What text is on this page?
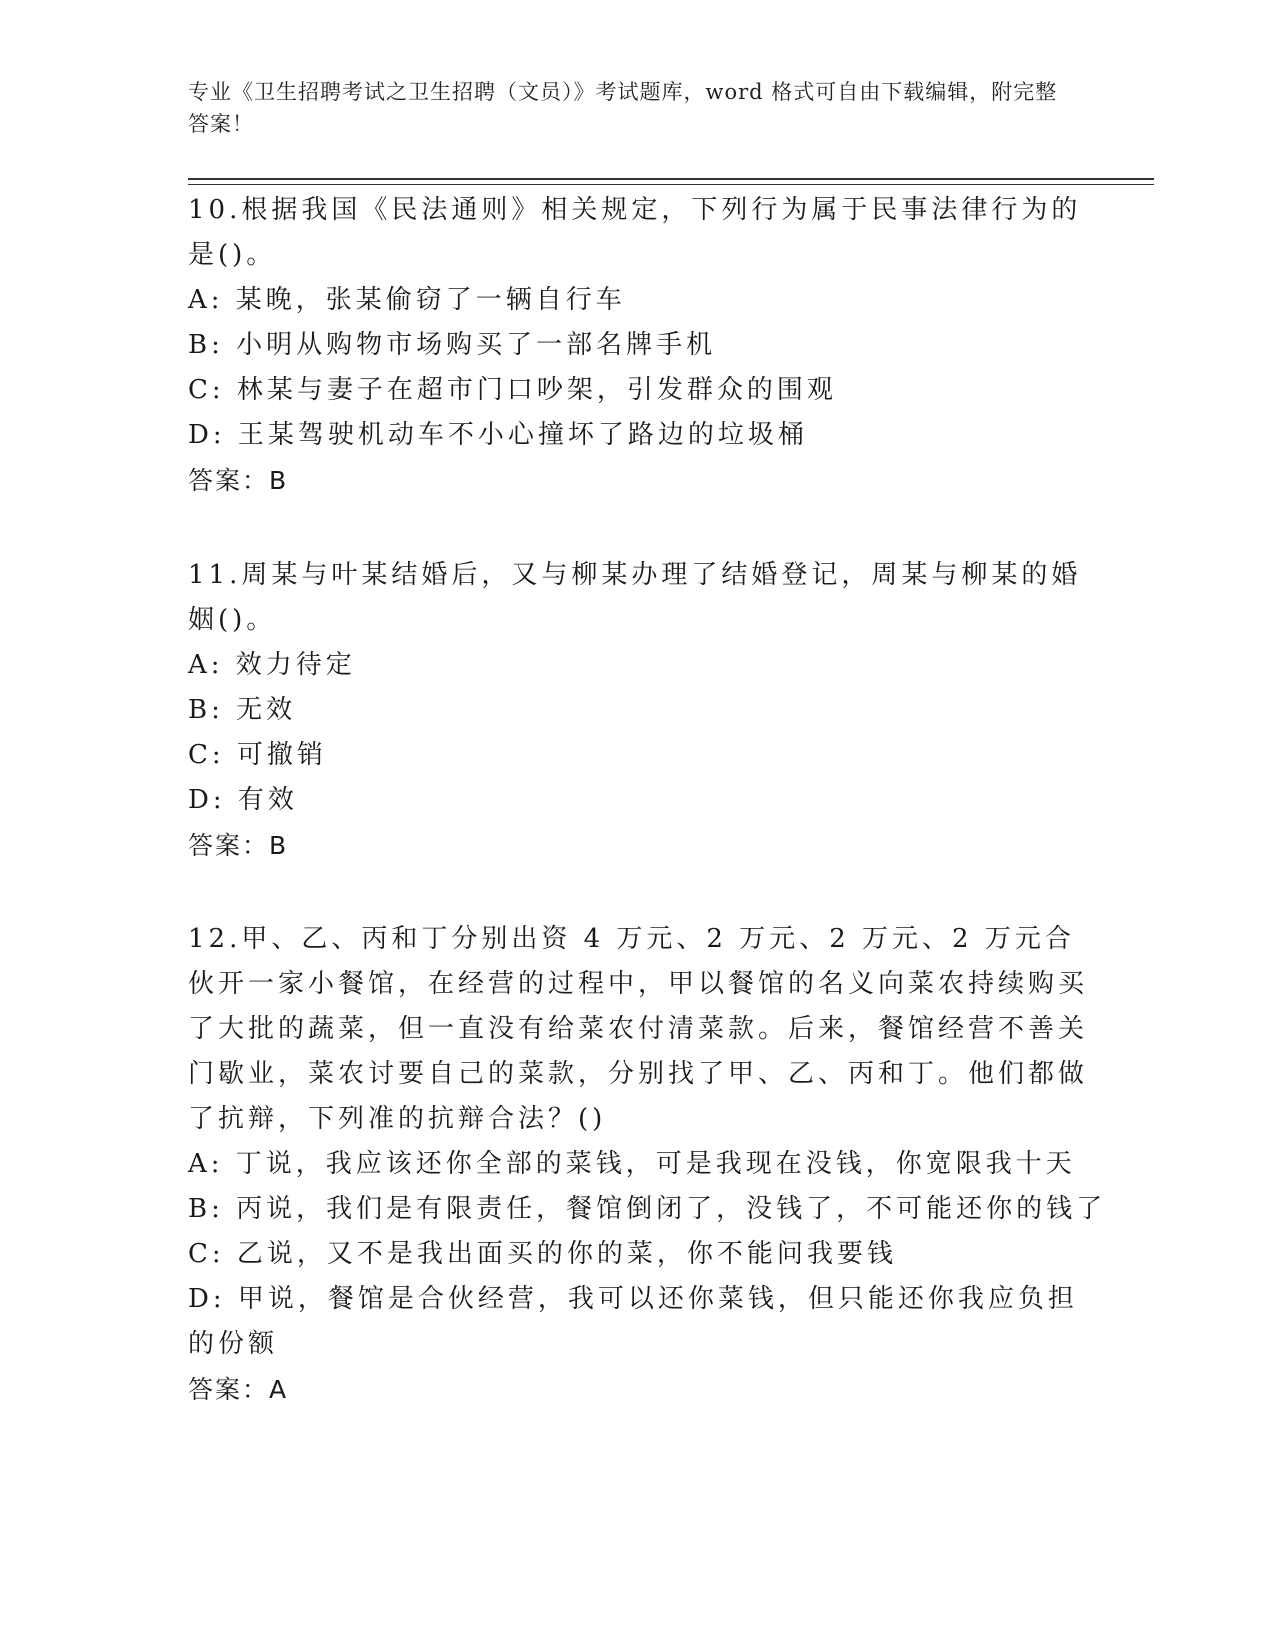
专业《卫生招聘考试之卫生招聘（文员）》考试题库，word 格式可自由下载编辑，附完整答案！

10.根据我国《民法通则》相关规定，下列行为属于民事法律行为的是()。

A: 某晚，张某偷窃了一辆自行车

B: 小明从购物市场购买了一部名牌手机

C: 林某与妻子在超市门口吵架，引发群众的围观

D: 王某驾驶机动车不小心撞坏了路边的垃圾桶

答案：B

11.周某与叶某结婚后，又与柳某办理了结婚登记，周某与柳某的婚姻()。

A: 效力待定

B: 无效

C: 可撤销

D: 有效

答案：B

12.甲、乙、丙和丁分别出资 4 万元、2 万元、2 万元、2 万元合伙开一家小餐馆，在经营的过程中，甲以餐馆的名义向菜农持续购买了大批的蔬菜，但一直没有给菜农付清菜款。后来，餐馆经营不善关门歇业，菜农讨要自己的菜款，分别找了甲、乙、丙和丁。他们都做了抗辩，下列准的抗辩合法？()

A: 丁说，我应该还你全部的菜钱，可是我现在没钱，你宽限我十天

B: 丙说，我们是有限责任，餐馆倒闭了，没钱了，不可能还你的钱了

C: 乙说，又不是我出面买的你的菜，你不能问我要钱

D: 甲说，餐馆是合伙经营，我可以还你菜钱，但只能还你我应负担的份额

答案：A
